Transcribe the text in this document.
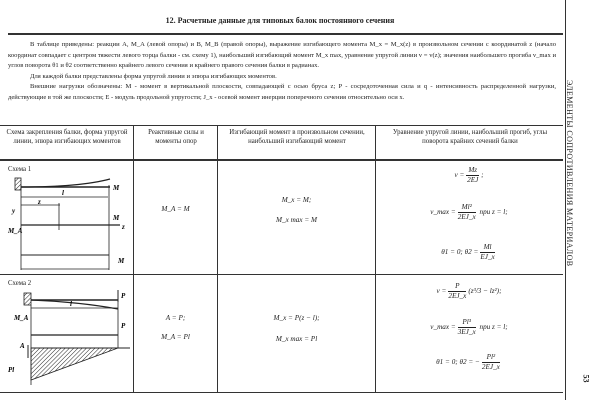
12. Расчетные данные для типовых балок постоянного сечения

В таблице приведены: реакции A, M_A (левой опоры) и B, M_B (правой опоры), выражение изгибающего момента M_x = M_x(z) в произвольном сечении с координатой z (начало координат совпадает с центром тяжести левого торца балки - см. схему 1), наибольший изгибающий момент M_x max, уравнение упругой линии v = v(z); значения наибольшего прогиба v_max и углов поворота θ1 и θ2 соответственно крайнего левого сечения и крайнего правого сечения балки в радианах.

Для каждой балки представлены форма упругой линии и эпюра изгибающих моментов.

Внешние нагрузки обозначены: M - момент в вертикальной плоскости, совпадающей с осью бруса z; P - сосредоточенная сила и q - интенсивность распределенной нагрузки, действующие в той же плоскости; E - модуль продольной упругости; J_x - осевой момент инерции поперечного сечения относительно оси x.

Схема закрепления балки, форма упругой линии, эпюра изгибающих моментов
Реактивные силы и моменты опор
Изгибающий момент в произвольном сечении, наибольший изгибающий момент
Уравнение упругой линии, наибольший прогиб, углы поворота крайних сечений балки
Схема 1
M
M
M
l
z
z
y
M_A
M_A = M
M_x = M;
M_x max = M
$v = \frac{Mz}{2EJ}$ ;
v_max = $\frac{\text{Ml²}}{2EJ\_x}$ при z = l;
θ1 = 0; $\theta 2 = \frac{Ml}{EJ\_x}$
Схема 2
P
P
l
M_A
A
Pl
A = P;
M_A = Pl
M_x = P(z − l);
M_x max = Pl
$v = \frac{P}{2EJ\_x} (z^3/3 - lz^2)$;
v_max = $\frac{\text{Pl³}}{3EJ\_x}$ при z = l;
θ1 = 0; θ2 = − $\frac{\text{Pl²}}{2EJ\_x}$
ЭЛЕМЕНТЫ СОПРОТИВЛЕНИЯ МАТЕРИАЛОВ
53
